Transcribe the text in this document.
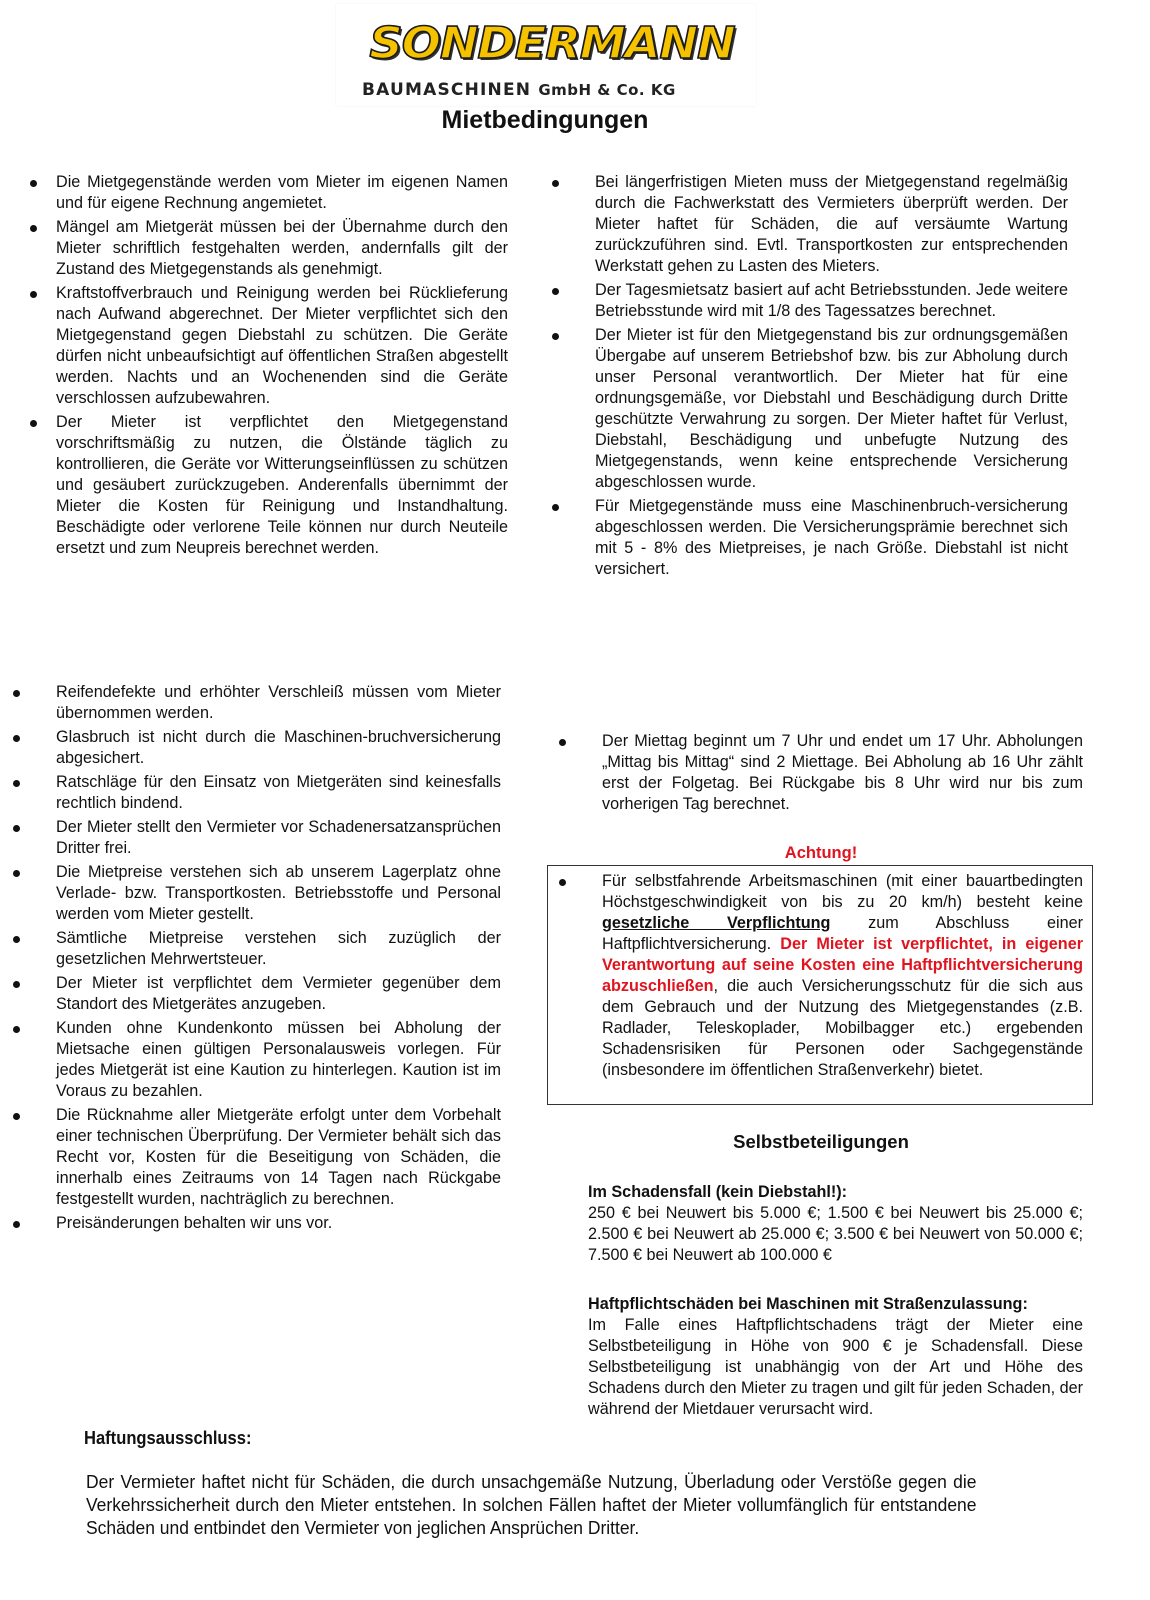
SONDERMANN
BAUMASCHINEN GmbH & Co. KG
Mietbedingungen
Die Mietgegenstände werden vom Mieter im eigenen Namen und für eigene Rechnung angemietet.
Mängel am Mietgerät müssen bei der Übernahme durch den Mieter schriftlich festgehalten werden, andernfalls gilt der Zustand des Mietgegenstands als genehmigt.
Kraftstoffverbrauch und Reinigung werden bei Rücklieferung nach Aufwand abgerechnet. Der Mieter verpflichtet sich den Mietgegenstand gegen Diebstahl zu schützen. Die Geräte dürfen nicht unbeaufsichtigt auf öffentlichen Straßen abgestellt werden. Nachts und an Wochenenden sind die Geräte verschlossen aufzubewahren.
Der Mieter ist verpflichtet den Mietgegenstand vorschriftsmäßig zu nutzen, die Ölstände täglich zu kontrollieren, die Geräte vor Witterungseinflüssen zu schützen und gesäubert zurückzugeben. Anderenfalls übernimmt der Mieter die Kosten für Reinigung und Instandhaltung. Beschädigte oder verlorene Teile können nur durch Neuteile ersetzt und zum Neupreis berechnet werden.
Bei längerfristigen Mieten muss der Mietgegenstand regelmäßig durch die Fachwerkstatt des Vermieters überprüft werden. Der Mieter haftet für Schäden, die auf versäumte Wartung zurückzuführen sind. Evtl. Transportkosten zur entsprechenden Werkstatt gehen zu Lasten des Mieters.
Der Tagesmietsatz basiert auf acht Betriebsstunden. Jede weitere Betriebsstunde wird mit 1/8 des Tagessatzes berechnet.
Der Mieter ist für den Mietgegenstand bis zur ordnungsgemäßen Übergabe auf unserem Betriebshof bzw. bis zur Abholung durch unser Personal verantwortlich. Der Mieter hat für eine ordnungsgemäße, vor Diebstahl und Beschädigung durch Dritte geschützte Verwahrung zu sorgen. Der Mieter haftet für Verlust, Diebstahl, Beschädigung und unbefugte Nutzung des Mietgegenstands, wenn keine entsprechende Versicherung abgeschlossen wurde.
Für Mietgegenstände muss eine Maschinenbruch-versicherung abgeschlossen werden. Die Versicherungsprämie berechnet sich mit 5 - 8% des Mietpreises, je nach Größe. Diebstahl ist nicht versichert.
Reifendefekte und erhöhter Verschleiß müssen vom Mieter übernommen werden.
Glasbruch ist nicht durch die Maschinen-bruchversicherung abgesichert.
Ratschläge für den Einsatz von Mietgeräten sind keinesfalls rechtlich bindend.
Der Mieter stellt den Vermieter vor Schadenersatzansprüchen Dritter frei.
Die Mietpreise verstehen sich ab unserem Lagerplatz ohne Verlade- bzw. Transportkosten. Betriebsstoffe und Personal werden vom Mieter gestellt.
Sämtliche Mietpreise verstehen sich zuzüglich der gesetzlichen Mehrwertsteuer.
Der Mieter ist verpflichtet dem Vermieter gegenüber dem Standort des Mietgerätes anzugeben.
Kunden ohne Kundenkonto müssen bei Abholung der Mietsache einen gültigen Personalausweis vorlegen. Für jedes Mietgerät ist eine Kaution zu hinterlegen. Kaution ist im Voraus zu bezahlen.
Die Rücknahme aller Mietgeräte erfolgt unter dem Vorbehalt einer technischen Überprüfung. Der Vermieter behält sich das Recht vor, Kosten für die Beseitigung von Schäden, die innerhalb eines Zeitraums von 14 Tagen nach Rückgabe festgestellt wurden, nachträglich zu berechnen.
Preisänderungen behalten wir uns vor.
Der Miettag beginnt um 7 Uhr und endet um 17 Uhr. Abholungen „Mittag bis Mittag“ sind 2 Miettage. Bei Abholung ab 16 Uhr zählt erst der Folgetag. Bei Rückgabe bis 8 Uhr wird nur bis zum vorherigen Tag berechnet.
Achtung!
Für selbstfahrende Arbeitsmaschinen (mit einer bauartbedingten Höchstgeschwindigkeit von bis zu 20 km/h) besteht keine gesetzliche Verpflichtung zum Abschluss einer Haftpflichtversicherung. Der Mieter ist verpflichtet, in eigener Verantwortung auf seine Kosten eine Haftpflichtversicherung abzuschließen, die auch Versicherungsschutz für die sich aus dem Gebrauch und der Nutzung des Mietgegenstandes (z.B. Radlader, Teleskoplader, Mobilbagger etc.) ergebenden Schadensrisiken für Personen oder Sachgegenstände (insbesondere im öffentlichen Straßenverkehr) bietet.
Selbstbeteiligungen
Im Schadensfall (kein Diebstahl!):
250 € bei Neuwert bis 5.000 €; 1.500 € bei Neuwert bis 25.000 €; 2.500 € bei Neuwert ab 25.000 €; 3.500 € bei Neuwert von 50.000 €; 7.500 € bei Neuwert ab 100.000 €
Haftpflichtschäden bei Maschinen mit Straßenzulassung:
Im Falle eines Haftpflichtschadens trägt der Mieter eine Selbstbeteiligung in Höhe von 900 € je Schadensfall. Diese Selbstbeteiligung ist unabhängig von der Art und Höhe des Schadens durch den Mieter zu tragen und gilt für jeden Schaden, der während der Mietdauer verursacht wird.
Haftungsausschluss:
Der Vermieter haftet nicht für Schäden, die durch unsachgemäße Nutzung, Überladung oder Verstöße gegen die Verkehrssicherheit durch den Mieter entstehen. In solchen Fällen haftet der Mieter vollumfänglich für entstandene Schäden und entbindet den Vermieter von jeglichen Ansprüchen Dritter.
